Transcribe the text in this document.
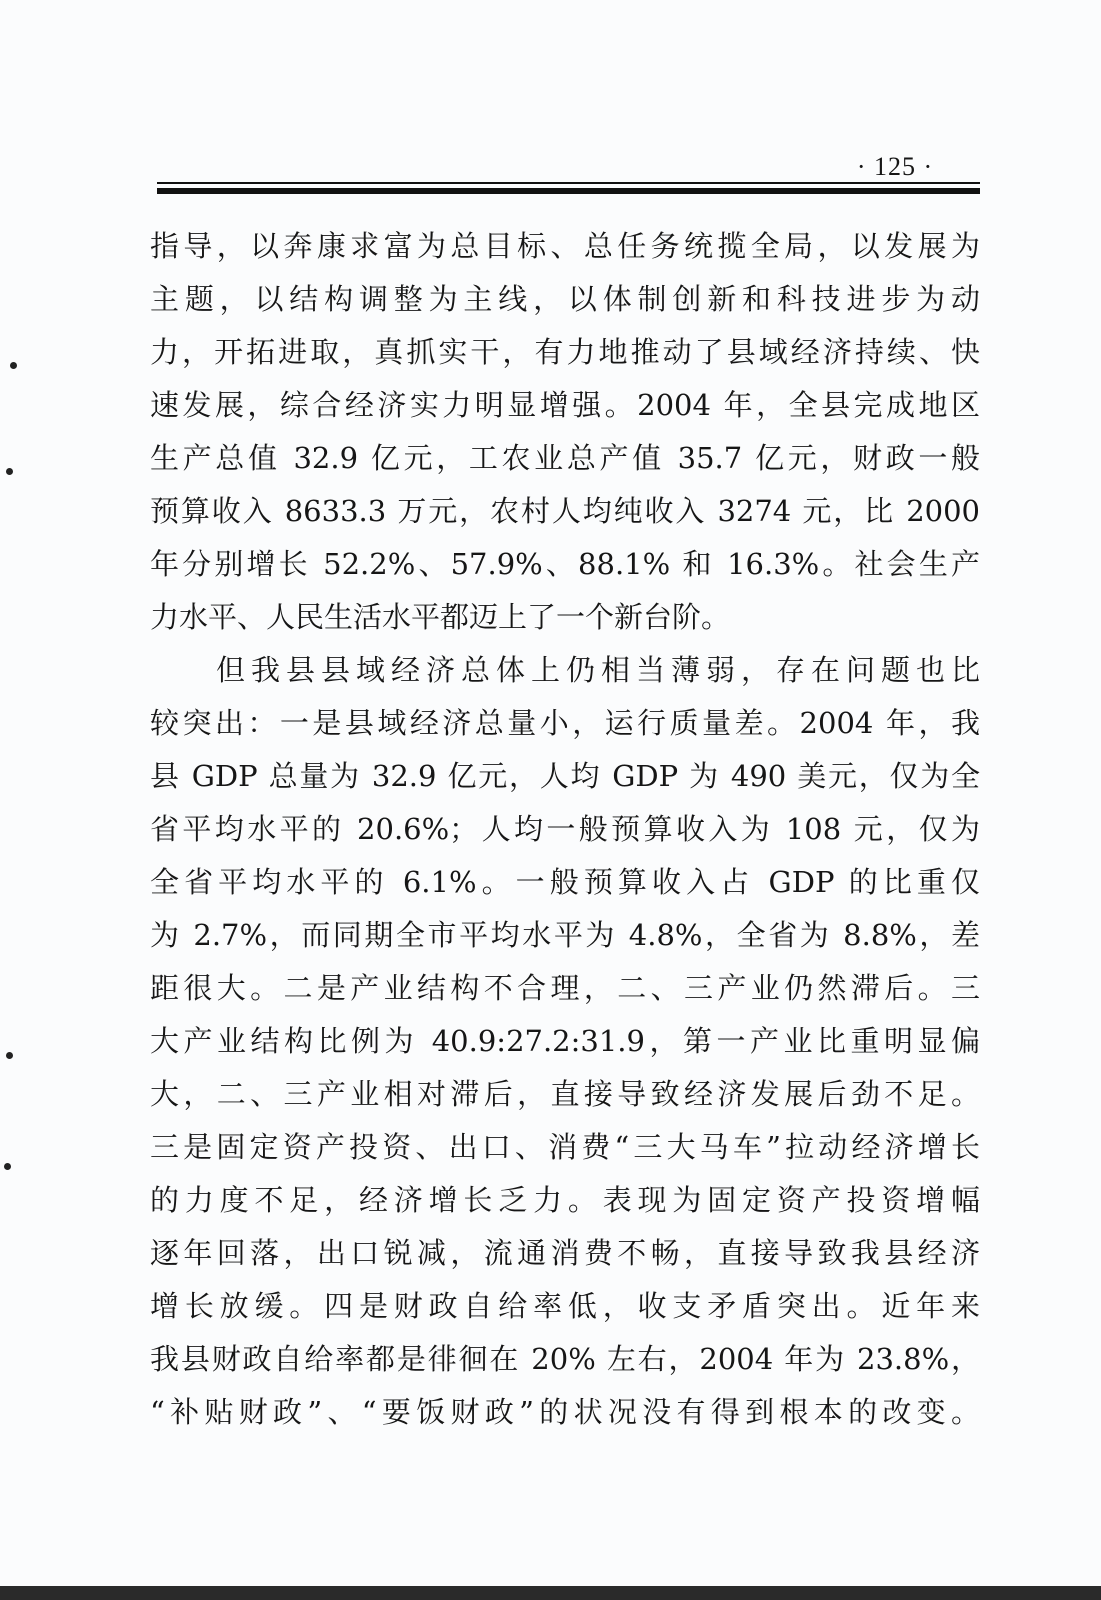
· 125 ·
指导，以奔康求富为总目标、总任务统揽全局，以发展为
主题，以结构调整为主线，以体制创新和科技进步为动
力，开拓进取，真抓实干，有力地推动了县域经济持续、快
速发展，综合经济实力明显增强。2004 年，全县完成地区
生产总值 32.9 亿元，工农业总产值 35.7 亿元，财政一般
预算收入 8633.3 万元，农村人均纯收入 3274 元，比 2000
年分别增长 52.2%、57.9%、88.1% 和 16.3%。社会生产
力水平、人民生活水平都迈上了一个新台阶。
但我县县域经济总体上仍相当薄弱，存在问题也比
较突出：一是县域经济总量小，运行质量差。2004 年，我
县 GDP 总量为 32.9 亿元，人均 GDP 为 490 美元，仅为全
省平均水平的 20.6%；人均一般预算收入为 108 元，仅为
全省平均水平的 6.1%。一般预算收入占 GDP 的比重仅
为 2.7%，而同期全市平均水平为 4.8%，全省为 8.8%，差
距很大。二是产业结构不合理，二、三产业仍然滞后。三
大产业结构比例为 40.9:27.2:31.9，第一产业比重明显偏
大，二、三产业相对滞后，直接导致经济发展后劲不足。
三是固定资产投资、出口、消费“三大马车”拉动经济增长
的力度不足，经济增长乏力。表现为固定资产投资增幅
逐年回落，出口锐减，流通消费不畅，直接导致我县经济
增长放缓。四是财政自给率低，收支矛盾突出。近年来
我县财政自给率都是徘徊在 20% 左右，2004 年为 23.8%，
“补贴财政”、“要饭财政”的状况没有得到根本的改变。
